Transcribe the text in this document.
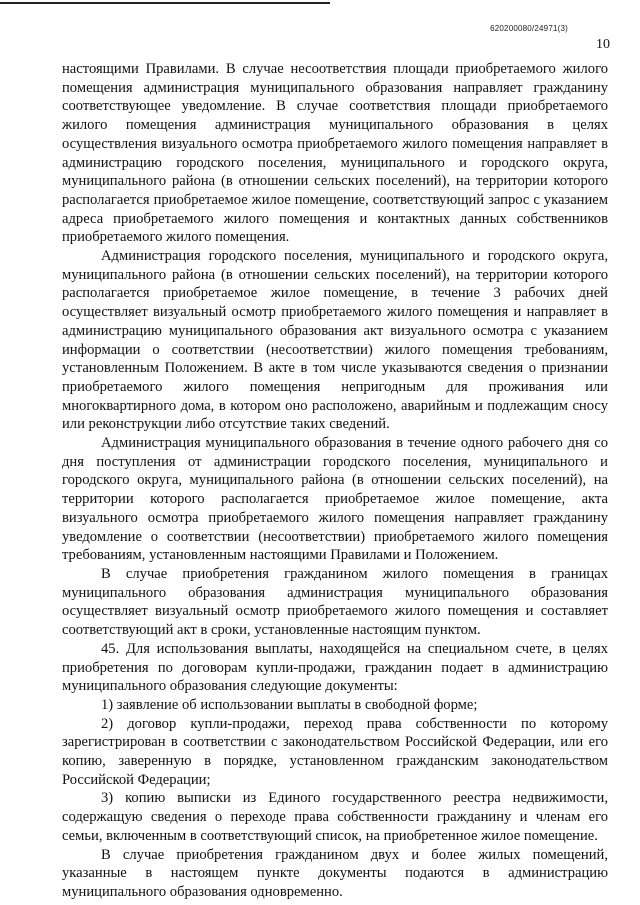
620200080/24971(3)
10

настоящими Правилами. В случае несоответствия площади приобретаемого жилого помещения администрация муниципального образования направляет гражданину соответствующее уведомление. В случае соответствия площади приобретаемого жилого помещения администрация муниципального образования в целях осуществления визуального осмотра приобретаемого жилого помещения направляет в администрацию городского поселения, муниципального и городского округа, муниципального района (в отношении сельских поселений), на территории которого располагается приобретаемое жилое помещение, соответствующий запрос с указанием адреса приобретаемого жилого помещения и контактных данных собственников приобретаемого жилого помещения.

Администрация городского поселения, муниципального и городского округа, муниципального района (в отношении сельских поселений), на территории которого располагается приобретаемое жилое помещение, в течение 3 рабочих дней осуществляет визуальный осмотр приобретаемого жилого помещения и направляет в администрацию муниципального образования акт визуального осмотра с указанием информации о соответствии (несоответствии) жилого помещения требованиям, установленным Положением. В акте в том числе указываются сведения о признании приобретаемого жилого помещения непригодным для проживания или многоквартирного дома, в котором оно расположено, аварийным и подлежащим сносу или реконструкции либо отсутствие таких сведений.

Администрация муниципального образования в течение одного рабочего дня со дня поступления от администрации городского поселения, муниципального и городского округа, муниципального района (в отношении сельских поселений), на территории которого располагается приобретаемое жилое помещение, акта визуального осмотра приобретаемого жилого помещения направляет гражданину уведомление о соответствии (несоответствии) приобретаемого жилого помещения требованиям, установленным настоящими Правилами и Положением.

В случае приобретения гражданином жилого помещения в границах муниципального образования администрация муниципального образования осуществляет визуальный осмотр приобретаемого жилого помещения и составляет соответствующий акт в сроки, установленные настоящим пунктом.

45. Для использования выплаты, находящейся на специальном счете, в целях приобретения по договорам купли-продажи, гражданин подает в администрацию муниципального образования следующие документы:

1) заявление об использовании выплаты в свободной форме;

2) договор купли-продажи, переход права собственности по которому зарегистрирован в соответствии с законодательством Российской Федерации, или его копию, заверенную в порядке, установленном гражданским законодательством Российской Федерации;

3) копию выписки из Единого государственного реестра недвижимости, содержащую сведения о переходе права собственности гражданину и членам его семьи, включенным в соответствующий список, на приобретенное жилое помещение.

В случае приобретения гражданином двух и более жилых помещений, указанные в настоящем пункте документы подаются в администрацию муниципального образования одновременно.
